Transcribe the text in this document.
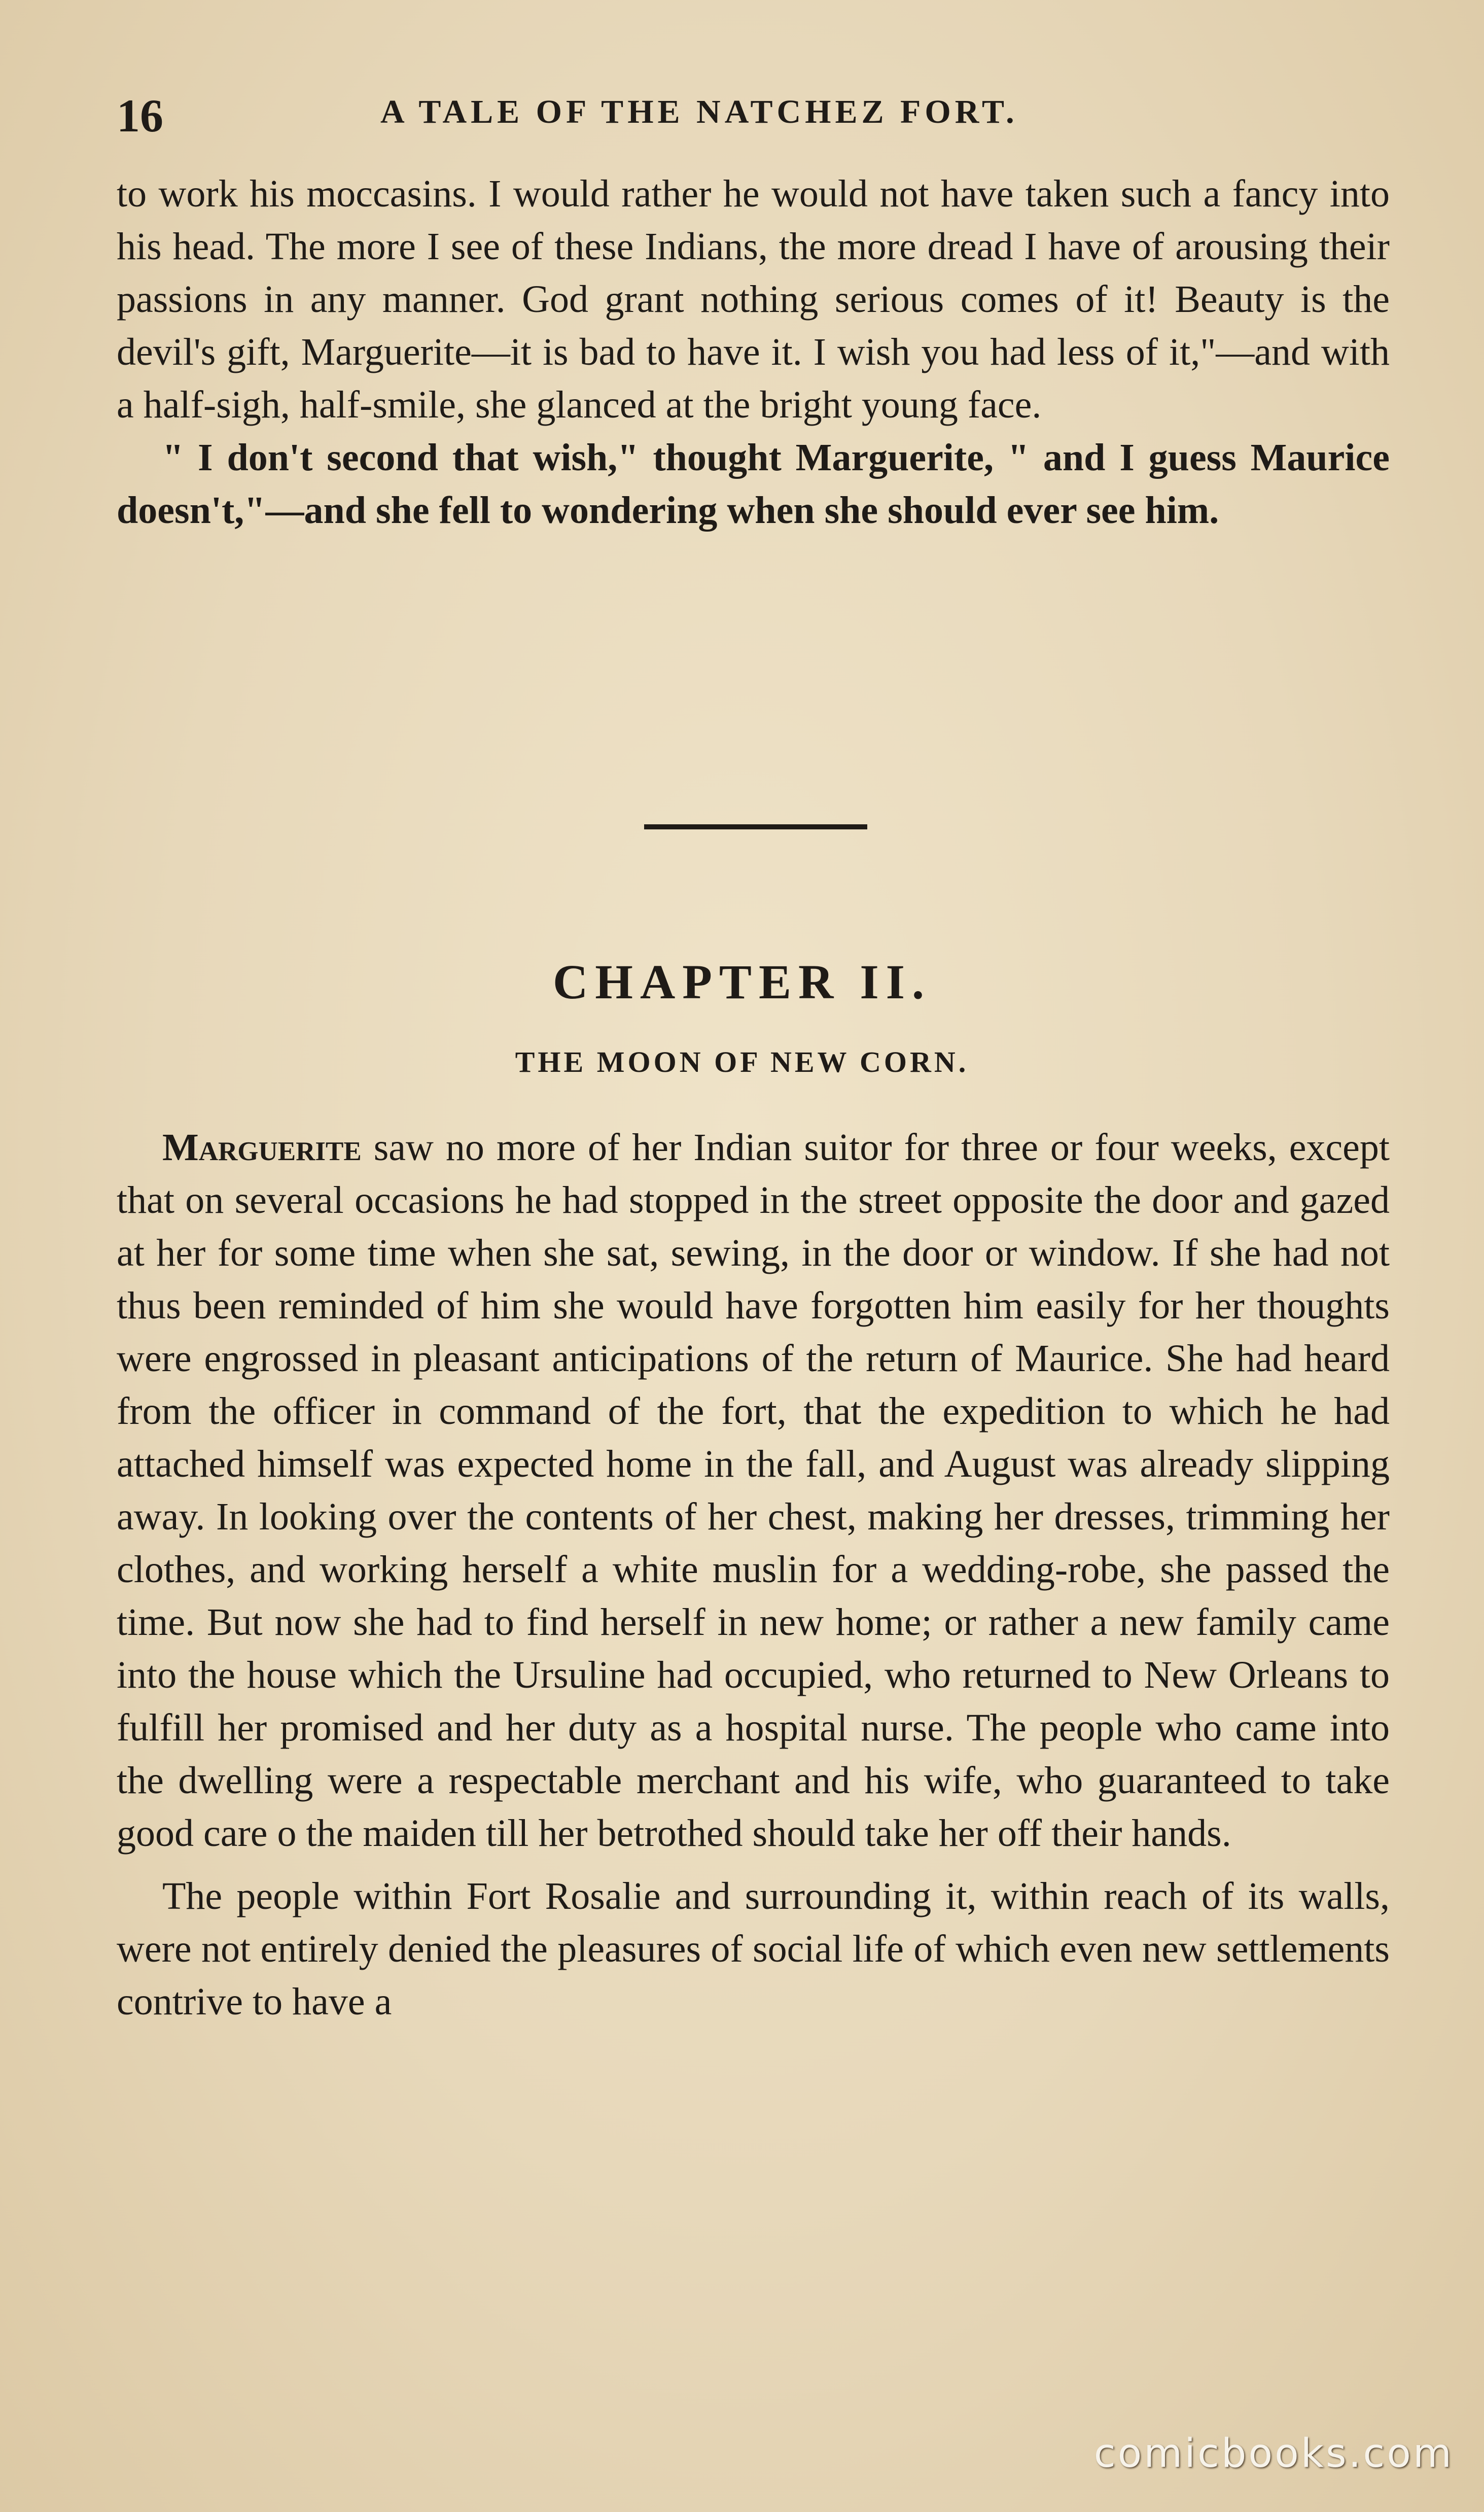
16	A TALE OF THE NATCHEZ FORT.

to work his moccasins. I would rather he would not have taken such a fancy into his head. The more I see of these Indians, the more dread I have of arousing their passions in any manner. God grant nothing serious comes of it! Beauty is the devil's gift, Marguerite—it is bad to have it. I wish you had less of it,"—and with a half-sigh, half-smile, she glanced at the bright young face.

" I don't second that wish," thought Marguerite, " and I guess Maurice doesn't,"—and she fell to wondering when she should ever see him.

CHAPTER II.
THE MOON OF NEW CORN.

Marguerite saw no more of her Indian suitor for three or four weeks, except that on several occasions he had stopped in the street opposite the door and gazed at her for some time when she sat, sewing, in the door or window. If she had not thus been reminded of him she would have forgotten him easily for her thoughts were engrossed in pleasant anticipations of the return of Maurice. She had heard from the officer in command of the fort, that the expedition to which he had attached himself was expected home in the fall, and August was already slipping away. In looking over the contents of her chest, making her dresses, trimming her clothes, and working herself a white muslin for a wedding-robe, she passed the time. But now she had to find herself in new home; or rather a new family came into the house which the Ursuline had occupied, who returned to New Orleans to fulfill her promised and her duty as a hospital nurse. The people who came into the dwelling were a respectable merchant and his wife, who guaranteed to take good care o the maiden till her betrothed should take her off their hands.

The people within Fort Rosalie and surrounding it, within reach of its walls, were not entirely denied the pleasures of social life of which even new settlements contrive to have a

comicbooks.com
